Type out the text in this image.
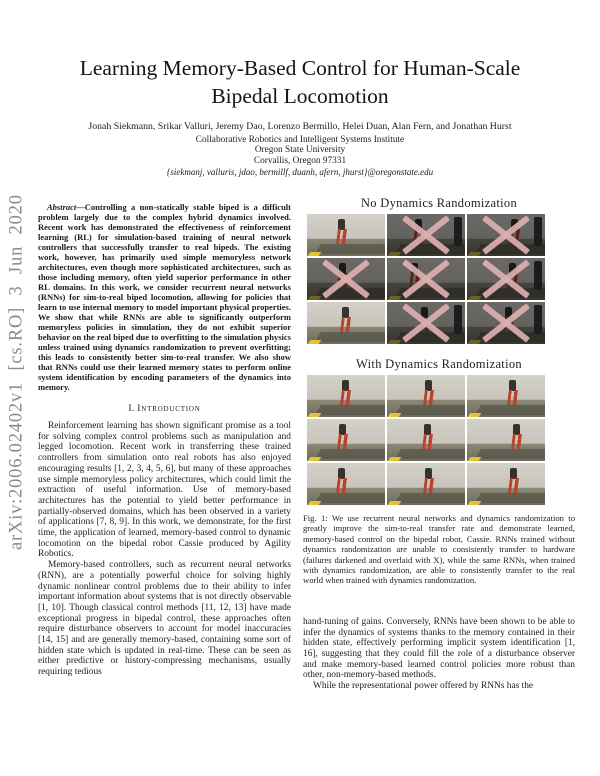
arXiv:2006.02402v1 [cs.RO] 3 Jun 2020
Learning Memory-Based Control for Human-Scale
Bipedal Locomotion
Jonah Siekmann, Srikar Valluri, Jeremy Dao, Lorenzo Bermillo, Helei Duan, Alan Fern, and Jonathan Hurst
Collaborative Robotics and Intelligent Systems Institute
Oregon State University
Corvallis, Oregon 97331
{siekmanj, valluris, jdao, bermillf, duanh, afern, jhurst}@oregonstate.edu

Abstract—Controlling a non-statically stable biped is a difficult problem largely due to the complex hybrid dynamics involved. Recent work has demonstrated the effectiveness of reinforcement learning (RL) for simulation-based training of neural network controllers that successfully transfer to real bipeds. The existing work, however, has primarily used simple memoryless network architectures, even though more sophisticated architectures, such as those including memory, often yield superior performance in other RL domains. In this work, we consider recurrent neural networks (RNNs) for sim-to-real biped locomotion, allowing for policies that learn to use internal memory to model important physical properties. We show that while RNNs are able to significantly outperform memoryless policies in simulation, they do not exhibit superior behavior on the real biped due to overfitting to the simulation physics unless trained using dynamics randomization to prevent overfitting; this leads to consistently better sim-to-real transfer. We also show that RNNs could use their learned memory states to perform online system identification by encoding parameters of the dynamics into memory.

I. Introduction

Reinforcement learning has shown significant promise as a tool for solving complex control problems such as manipulation and legged locomotion. Recent work in transferring these trained controllers from simulation onto real robots has also enjoyed encouraging results [1, 2, 3, 4, 5, 6], but many of these approaches use simple memoryless policy architectures, which could limit the extraction of useful information. Use of memory-based architectures has the potential to yield better performance in partially-observed domains, which has been observed in a variety of applications [7, 8, 9]. In this work, we demonstrate, for the first time, the application of learned, memory-based control to dynamic locomotion on the bipedal robot Cassie produced by Agility Robotics.

Memory-based controllers, such as recurrent neural networks (RNN), are a potentially powerful choice for solving highly dynamic nonlinear control problems due to their ability to infer important information about systems that is not directly observable [1, 10]. Though classical control methods [11, 12, 13] have made exceptional progress in bipedal control, these approaches often require disturbance observers to account for model inaccuracies [14, 15] and are generally memory-based, containing some sort of hidden state which is updated in real-time. These can be seen as either predictive or history-compressing mechanisms, usually requiring tedious

No Dynamics Randomization
With Dynamics Randomization

Fig. 1: We use recurrent neural networks and dynamics randomization to greatly improve the sim-to-real transfer rate and demonstrate learned, memory-based control on the bipedal robot, Cassie. RNNs trained without dynamics randomization are unable to consistently transfer to hardware (failures darkened and overlaid with X), while the same RNNs, when trained with dynamics randomization, are able to consistently transfer to the real world when trained with dynamics randomization.

hand-tuning of gains. Conversely, RNNs have been shown to be able to infer the dynamics of systems thanks to the memory contained in their hidden state, effectively performing implicit system identification [1, 16], suggesting that they could fill the role of a disturbance observer and make memory-based learned control policies more robust than other, non-memory-based methods.

While the representational power offered by RNNs has the
